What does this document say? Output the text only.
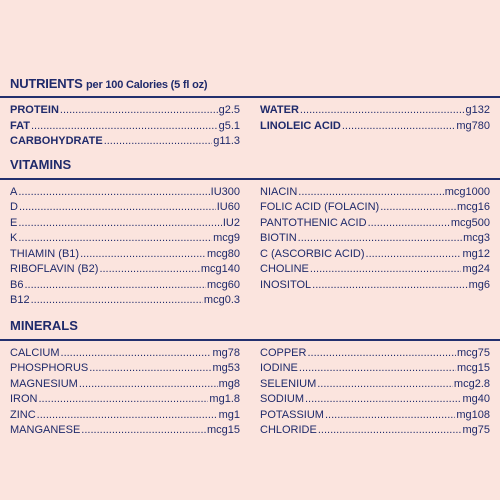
NUTRIENTS per 100 Calories (5 fl oz)
PROTEIN .....	g 2.5
FAT .....	g 5.1
CARBOHYDRATE .....	g 11.3
WATER .....	g 132
LINOLEIC ACID .....	mg 780
VITAMINS
A .....	IU 300
D .....	IU 60
E .....	IU 2
K .....	mcg 9
THIAMIN (B1) .....	mcg 80
RIBOFLAVIN (B2) .....	mcg 140
B6 .....	mcg 60
B12 .....	mcg 0.3
NIACIN .....	mcg 1000
FOLIC ACID (FOLACIN) .....	mcg 16
PANTOTHENIC ACID .....	mcg 500
BIOTIN .....	mcg 3
C (ASCORBIC ACID) .....	mg 12
CHOLINE .....	mg 24
INOSITOL .....	mg 6
MINERALS
CALCIUM .....	mg 78
PHOSPHORUS .....	mg 53
MAGNESIUM .....	mg 8
IRON .....	mg 1.8
ZINC .....	mg 1
MANGANESE .....	mcg 15
COPPER .....	mcg 75
IODINE .....	mcg 15
SELENIUM .....	mcg 2.8
SODIUM .....	mg 40
POTASSIUM .....	mg 108
CHLORIDE .....	mg 75
